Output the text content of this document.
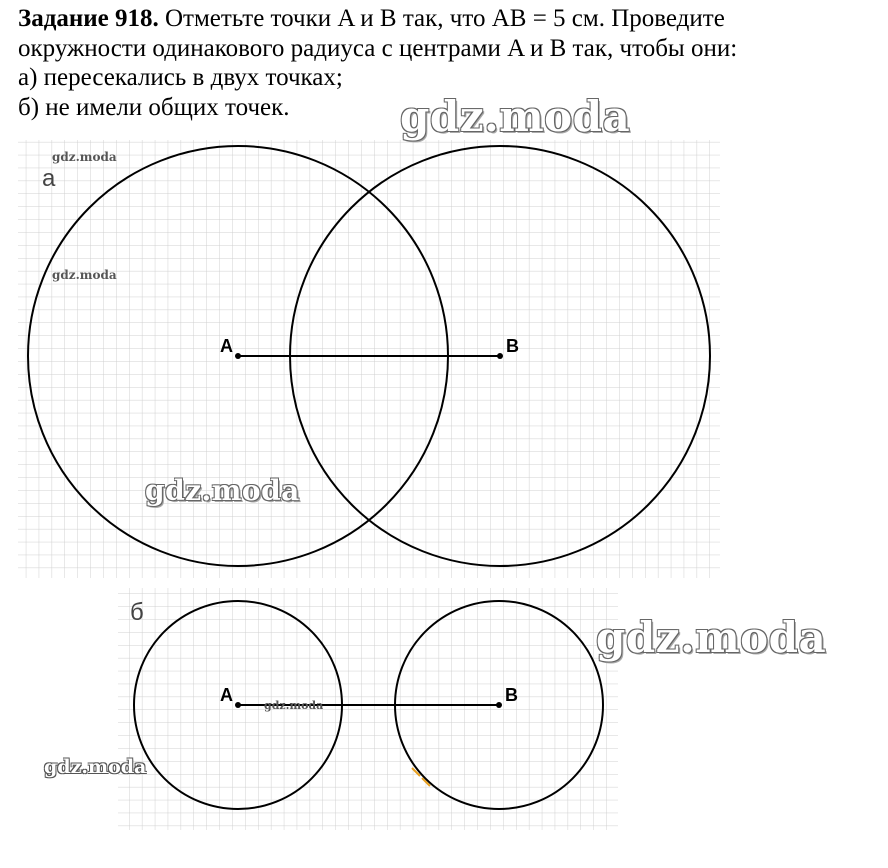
Задание 918. Отметьте точки A и B так, что AB = 5 см. Проведите
окружности одинакового радиуса с центрами A и B так, чтобы они:
а) пересекались в двух точках;
б) не имели общих точек.
а
A	B
б
A	B
gdz.moda
gdz.moda
gdz.moda
gdz.moda
gdz.moda
gdz.moda
gdz.moda
